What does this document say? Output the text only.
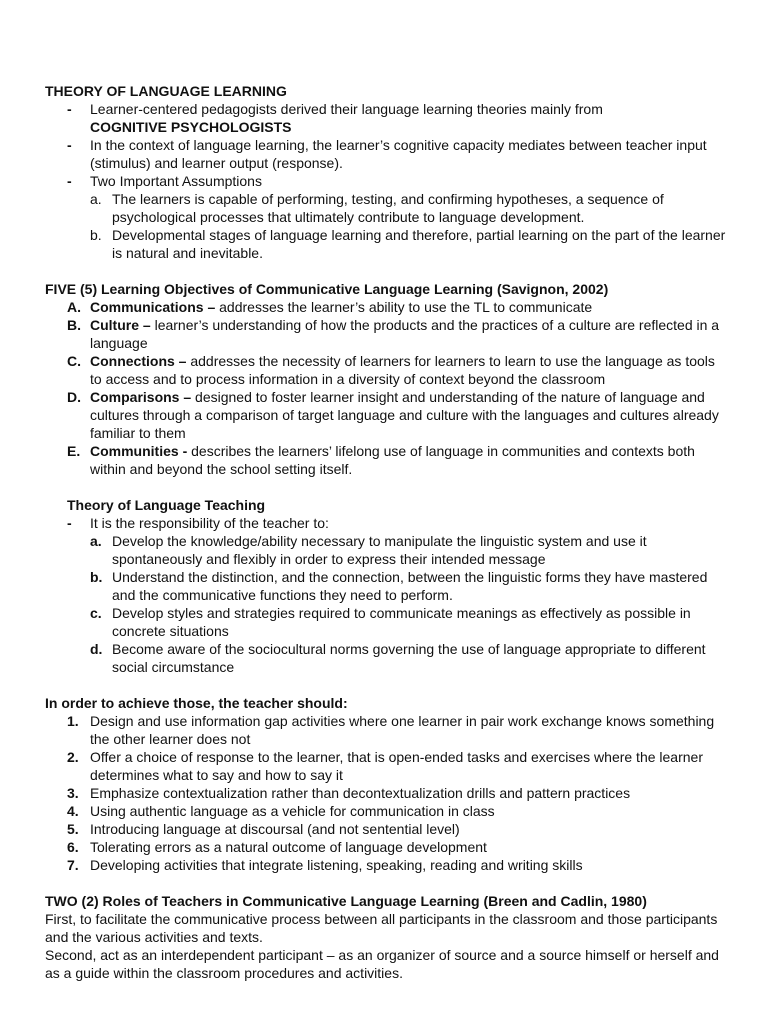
THEORY OF LANGUAGE LEARNING

- Learner-centered pedagogists derived their language learning theories mainly from
COGNITIVE PSYCHOLOGISTS
- In the context of language learning, the learner’s cognitive capacity mediates between teacher input (stimulus) and learner output (response).
- Two Important Assumptions
a. The learners is capable of performing, testing, and confirming hypotheses, a sequence of psychological processes that ultimately contribute to language development.
b. Developmental stages of language learning and therefore, partial learning on the part of the learner is natural and inevitable.

FIVE (5) Learning Objectives of Communicative Language Learning (Savignon, 2002)

A. Communications – addresses the learner’s ability to use the TL to communicate
B. Culture – learner’s understanding of how the products and the practices of a culture are reflected in a language
C. Connections – addresses the necessity of learners for learners to learn to use the language as tools to access and to process information in a diversity of context beyond the classroom
D. Comparisons – designed to foster learner insight and understanding of the nature of language and cultures through a comparison of target language and culture with the languages and cultures already familiar to them
E. Communities - describes the learners’ lifelong use of language in communities and contexts both within and beyond the school setting itself.

Theory of Language Teaching

- It is the responsibility of the teacher to:
a. Develop the knowledge/ability necessary to manipulate the linguistic system and use it spontaneously and flexibly in order to express their intended message
b. Understand the distinction, and the connection, between the linguistic forms they have mastered and the communicative functions they need to perform.
c. Develop styles and strategies required to communicate meanings as effectively as possible in concrete situations
d. Become aware of the sociocultural norms governing the use of language appropriate to different social circumstance

In order to achieve those, the teacher should:

1. Design and use information gap activities where one learner in pair work exchange knows something the other learner does not
2. Offer a choice of response to the learner, that is open-ended tasks and exercises where the learner determines what to say and how to say it
3. Emphasize contextualization rather than decontextualization drills and pattern practices
4. Using authentic language as a vehicle for communication in class
5. Introducing language at discoursal (and not sentential level)
6. Tolerating errors as a natural outcome of language development
7. Developing activities that integrate listening, speaking, reading and writing skills

TWO (2) Roles of Teachers in Communicative Language Learning (Breen and Cadlin, 1980)

First, to facilitate the communicative process between all participants in the classroom and those participants and the various activities and texts.

Second, act as an interdependent participant – as an organizer of source and a source himself or herself and as a guide within the classroom procedures and activities.
